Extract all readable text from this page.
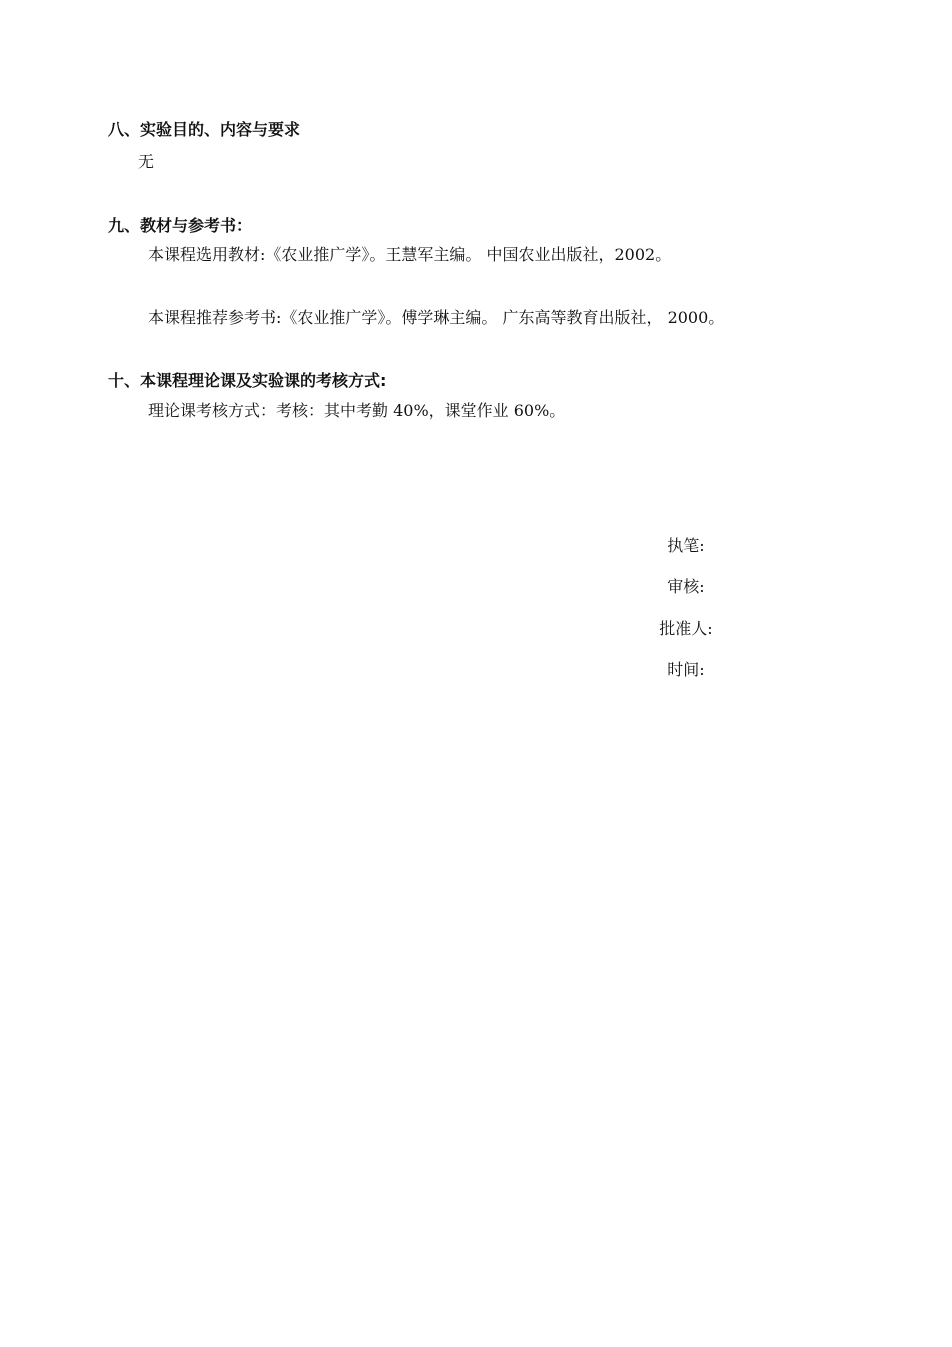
八、实验目的、内容与要求
无
九、教材与参考书：
本课程选用教材:《农业推广学》。王慧军主编。 中国农业出版社，2002。
本课程推荐参考书:《农业推广学》。傅学琳主编。 广东高等教育出版社， 2000。
十、本课程理论课及实验课的考核方式:
理论课考核方式：考核：其中考勤 40%，课堂作业 60%。
执笔:
审核:
批准人:
时间:
